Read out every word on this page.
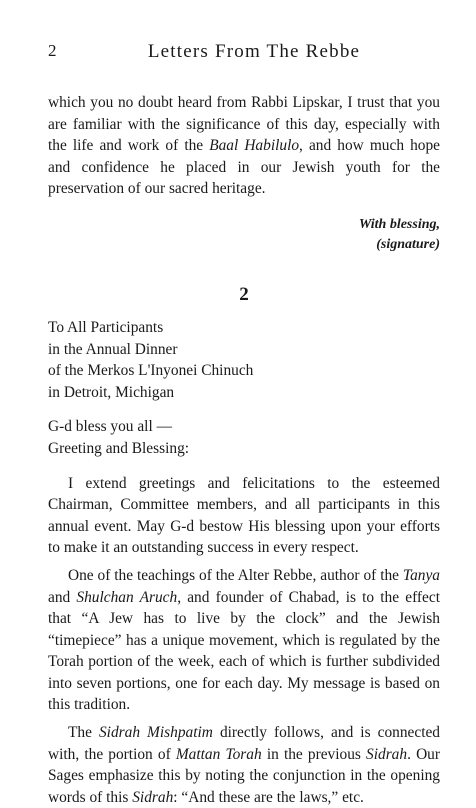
2	Letters From The Rebbe

which you no doubt heard from Rabbi Lipskar, I trust that you are familiar with the significance of this day, especially with the life and work of the Baal Habilulo, and how much hope and confidence he placed in our Jewish youth for the preservation of our sacred heritage.

With blessing,
(signature)
2
To All Participants
in the Annual Dinner
of the Merkos L'Inyonei Chinuch
in Detroit, Michigan
G-d bless you all —
Greeting and Blessing:

I extend greetings and felicitations to the esteemed Chairman, Committee members, and all participants in this annual event. May G-d bestow His blessing upon your efforts to make it an outstanding success in every respect.

One of the teachings of the Alter Rebbe, author of the Tanya and Shulchan Aruch, and founder of Chabad, is to the effect that “A Jew has to live by the clock” and the Jewish “timepiece” has a unique movement, which is regulated by the Torah portion of the week, each of which is further subdivided into seven portions, one for each day. My message is based on this tradition.

The Sidrah Mishpatim directly follows, and is connected with, the portion of Mattan Torah in the previous Sidrah. Our Sages emphasize this by noting the conjunction in the opening words of this Sidrah: “And these are the laws,” etc.
